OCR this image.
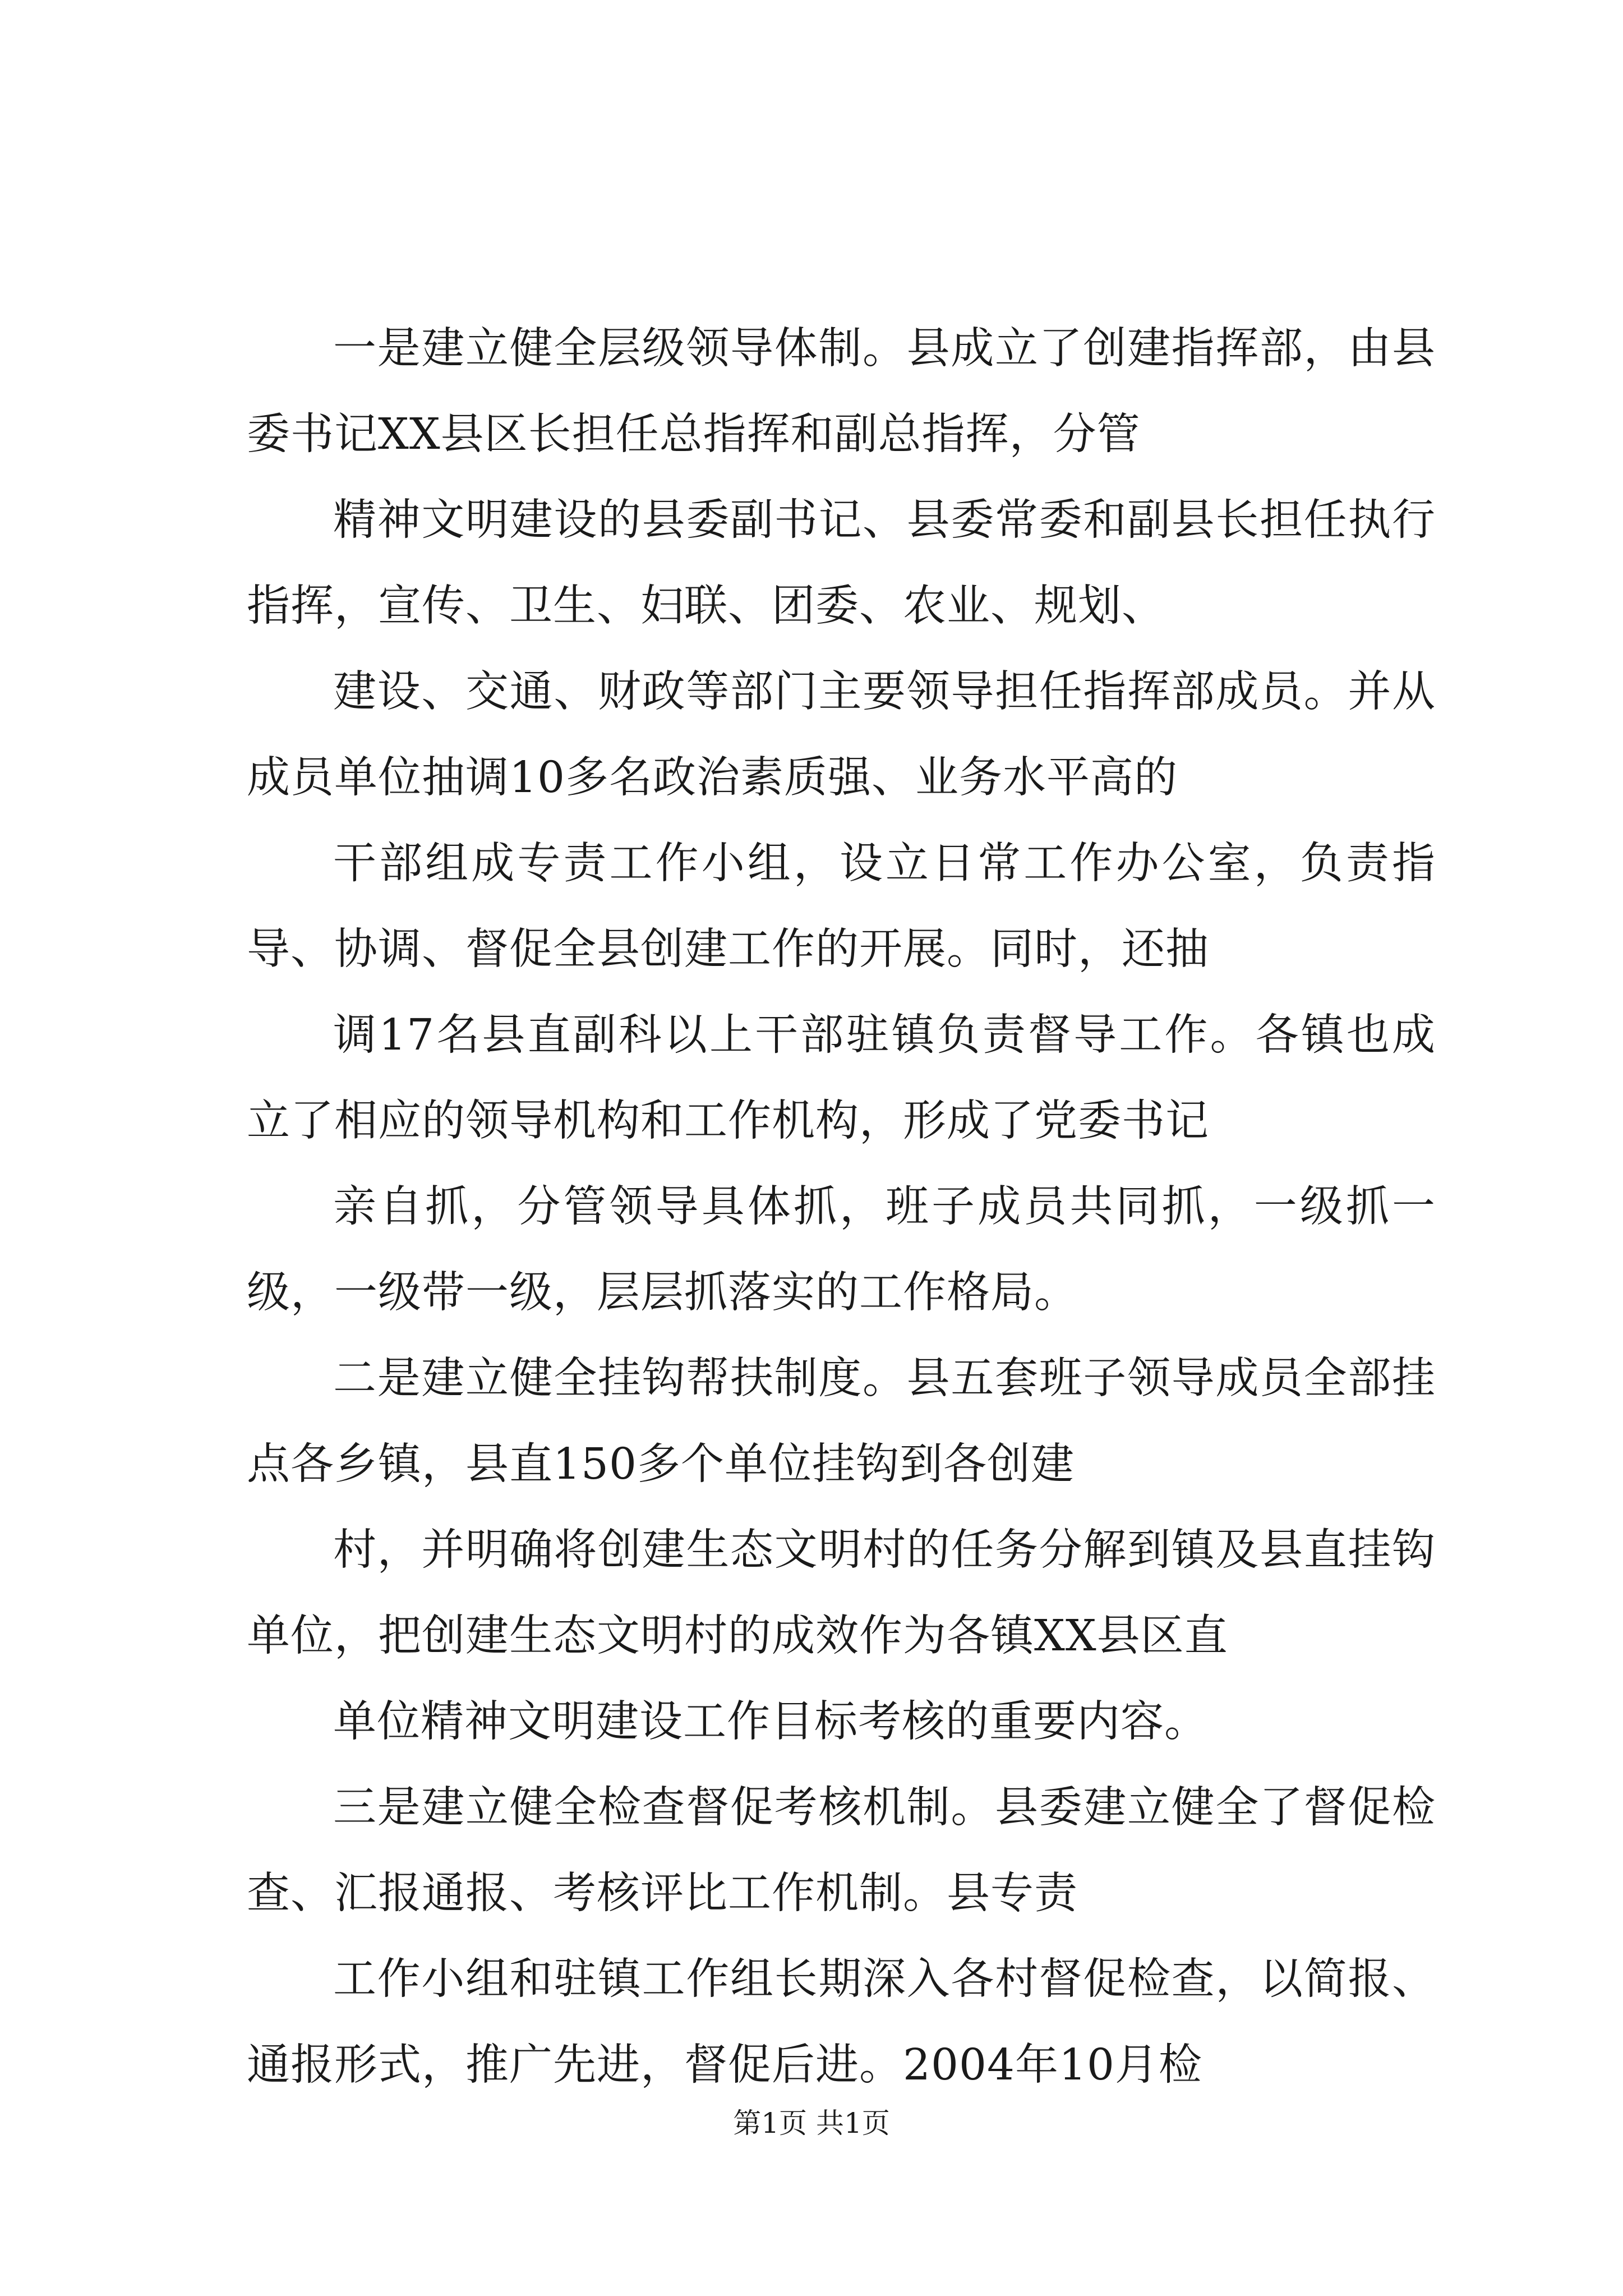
一是建立健全层级领导体制。县成立了创建指挥部，由县委书记XX县区长担任总指挥和副总指挥，分管

精神文明建设的县委副书记、县委常委和副县长担任执行指挥，宣传、卫生、妇联、团委、农业、规划、

建设、交通、财政等部门主要领导担任指挥部成员。并从成员单位抽调10多名政治素质强、业务水平高的

干部组成专责工作小组，设立日常工作办公室，负责指导、协调、督促全县创建工作的开展。同时，还抽

调17名县直副科以上干部驻镇负责督导工作。各镇也成立了相应的领导机构和工作机构，形成了党委书记

亲自抓，分管领导具体抓，班子成员共同抓，一级抓一级，一级带一级，层层抓落实的工作格局。

二是建立健全挂钩帮扶制度。县五套班子领导成员全部挂点各乡镇，县直150多个单位挂钩到各创建

村，并明确将创建生态文明村的任务分解到镇及县直挂钩单位，把创建生态文明村的成效作为各镇XX县区直

单位精神文明建设工作目标考核的重要内容。

三是建立健全检查督促考核机制。县委建立健全了督促检查、汇报通报、考核评比工作机制。县专责

工作小组和驻镇工作组长期深入各村督促检查，以简报、通报形式，推广先进，督促后进。2004年10月检

第1页 共1页
